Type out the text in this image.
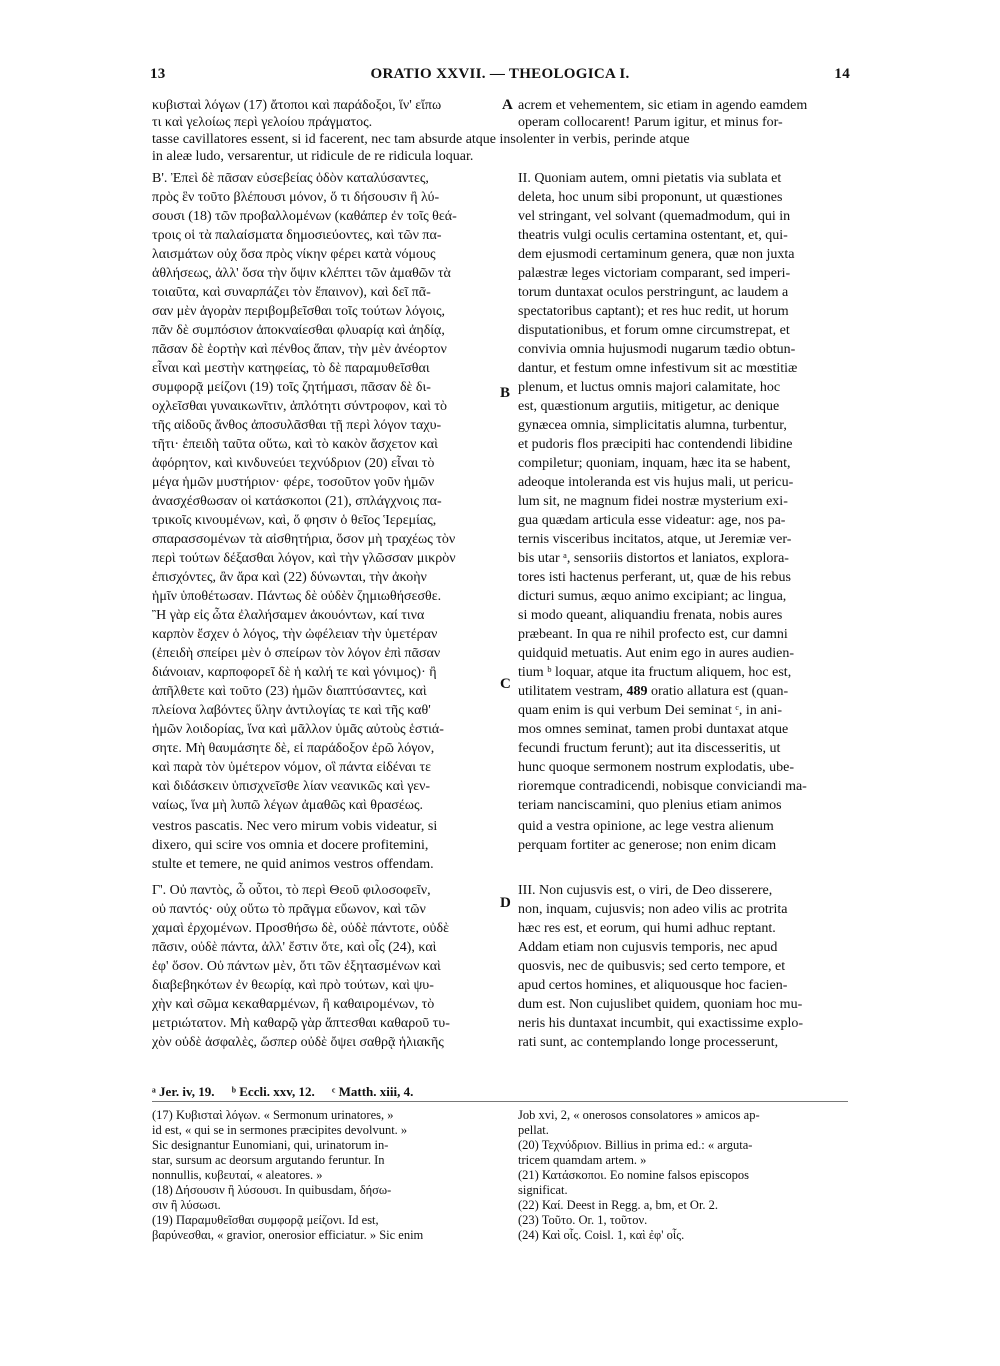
13	ORATIO XXVII. — THEOLOGICA I.	14
κυβισταὶ λόγων (17) ἄτοποι καὶ παράδοξοι, ἵν' εἴπω
τι καὶ γελοίως περὶ γελοίου πράγματος.
acrem et vehementem, sic etiam in agendo eamdem
operam collocarent! Parum igitur, et minus for-
tasse cavillatores essent, si id facerent, nec tam absurde atque insolenter in verbis, perinde atque
in aleæ ludo, versarentur, ut ridicule de re ridicula loquar.
A
B
C
D
Β'. Ἐπεὶ δὲ πᾶσαν εὐσεβείας ὁδὸν καταλύσαντες,
πρὸς ἓν τοῦτο βλέπουσι μόνον, ὅ τι δήσουσιν ἢ λύ-
σουσι (18) τῶν προβαλλομένων (καθάπερ ἐν τοῖς θεά-
τροις οἱ τὰ παλαίσματα δημοσιεύοντες, καὶ τῶν πα-
λαισμάτων οὐχ ὅσα πρὸς νίκην φέρει κατὰ νόμους
ἀθλήσεως, ἀλλ' ὅσα τὴν ὄψιν κλέπτει τῶν ἀμαθῶν τὰ
τοιαῦτα, καὶ συναρπάζει τὸν ἔπαινον), καὶ δεῖ πᾶ-
σαν μὲν ἀγορὰν περιβομβεῖσθαι τοῖς τούτων λόγοις,
πᾶν δὲ συμπόσιον ἀποκναίεσθαι φλυαρίᾳ καὶ ἀηδίᾳ,
πᾶσαν δὲ ἑορτὴν καὶ πένθος ἅπαν, τὴν μὲν ἀνέορτον
εἶναι καὶ μεστὴν κατηφείας, τὸ δὲ παραμυθεῖσθαι
συμφορᾷ μείζονι (19) τοῖς ζητήμασι, πᾶσαν δὲ δι-
οχλεῖσθαι γυναικωνῖτιν, ἁπλότητι σύντροφον, καὶ τὸ
τῆς αἰδοῦς ἄνθος ἀποσυλᾶσθαι τῇ περὶ λόγον ταχυ-
τῆτι· ἐπειδὴ ταῦτα οὕτω, καὶ τὸ κακὸν ἄσχετον καὶ
ἀφόρητον, καὶ κινδυνεύει τεχνύδριον (20) εἶναι τὸ
μέγα ἡμῶν μυστήριον· φέρε, τοσοῦτον γοῦν ἡμῶν
ἀνασχέσθωσαν οἱ κατάσκοποι (21), σπλάγχνοις πα-
τρικοῖς κινουμένων, καὶ, ὅ φησιν ὁ θεῖος Ἱερεμίας,
σπαρασσομένων τὰ αἰσθητήρια, ὅσον μὴ τραχέως τὸν
περὶ τούτων δέξασθαι λόγον, καὶ τὴν γλῶσσαν μικρὸν
ἐπισχόντες, ἂν ἄρα καὶ (22) δύνωνται, τὴν ἀκοὴν
ἡμῖν ὑποθέτωσαν. Πάντως δὲ οὐδὲν ζημιωθήσεσθε.
Ἢ γὰρ εἰς ὦτα ἐλαλήσαμεν ἀκουόντων, καί τινα
καρπὸν ἔσχεν ὁ λόγος, τὴν ὠφέλειαν τὴν ὑμετέραν
(ἐπειδὴ σπείρει μὲν ὁ σπείρων τὸν λόγον ἐπὶ πᾶσαν
διάνοιαν, καρποφορεῖ δὲ ἡ καλή τε καὶ γόνιμος)· ἢ
ἀπῆλθετε καὶ τοῦτο (23) ἡμῶν διαπτύσαντες, καὶ
πλείονα λαβόντες ὕλην ἀντιλογίας τε καὶ τῆς καθ'
ἡμῶν λοιδορίας, ἵνα καὶ μᾶλλον ὑμᾶς αὐτοὺς ἑστιά-
σητε. Μὴ θαυμάσητε δὲ, εἰ παράδοξον ἐρῶ λόγον,
καὶ παρὰ τὸν ὑμέτερον νόμον, οἳ πάντα εἰδέναι τε
καὶ διδάσκειν ὑπισχνεῖσθε λίαν νεανικῶς καὶ γεν-
ναίως, ἵνα μὴ λυπῶ λέγων ἀμαθῶς καὶ θρασέως.
II. Quoniam autem, omni pietatis via sublata et
deleta, hoc unum sibi proponunt, ut quæstiones
vel stringant, vel solvant (quemadmodum, qui in
theatris vulgi oculis certamina ostentant, et, qui-
dem ejusmodi certaminum genera, quæ non juxta
palæstræ leges victoriam comparant, sed imperi-
torum duntaxat oculos perstringunt, ac laudem a
spectatoribus captant); et res huc redit, ut horum
disputationibus, et forum omne circumstrepat, et
convivia omnia hujusmodi nugarum tædio obtun-
dantur, et festum omne infestivum sit ac mœstitiæ
plenum, et luctus omnis majori calamitate, hoc
est, quæstionum argutiis, mitigetur, ac denique
gynæcea omnia, simplicitatis alumna, turbentur,
et pudoris flos præcipiti hac contendendi libidine
compiletur; quoniam, inquam, hæc ita se habent,
adeoque intoleranda est vis hujus mali, ut pericu-
lum sit, ne magnum fidei nostræ mysterium exi-
gua quædam articula esse videatur: age, nos pa-
ternis visceribus incitatos, atque, ut Jeremiæ ver-
bis utar ᵃ, sensoriis distortos et laniatos, explora-
tores isti hactenus perferant, ut, quæ de his rebus
dicturi sumus, æquo animo excipiant; ac lingua,
si modo queant, aliquandiu frenata, nobis aures
præbeant. In qua re nihil profecto est, cur damni
quidquid metuatis. Aut enim ego in aures audien-
tium ᵇ loquar, atque ita fructum aliquem, hoc est,
utilitatem vestram, 489 oratio allatura est (quan-
quam enim is qui verbum Dei seminat ᶜ, in ani-
mos omnes seminat, tamen probi duntaxat atque
fecundi fructum ferunt); aut ita discesseritis, ut
hunc quoque sermonem nostrum explodatis, ube-
rioremque contradicendi, nobisque conviciandi ma-
teriam nanciscamini, quo plenius etiam animos
vestros pascatis. Nec vero mirum vobis videatur, si
dixero, qui scire vos omnia et docere profitemini,
quid a vestra opinione, ac lege vestra alienum
perquam fortiter ac generose; non enim dicam
stulte et temere, ne quid animos vestros offendam.
Γ'. Οὐ παντὸς, ὦ οὗτοι, τὸ περὶ Θεοῦ φιλοσοφεῖν,
οὐ παντός· οὐχ οὕτω τὸ πρᾶγμα εὔωνον, καὶ τῶν
χαμαὶ ἐρχομένων. Προσθήσω δὲ, οὐδὲ πάντοτε, οὐδὲ
πᾶσιν, οὐδὲ πάντα, ἀλλ' ἔστιν ὅτε, καὶ οἷς (24), καὶ
ἐφ' ὅσον. Οὐ πάντων μὲν, ὅτι τῶν ἐξητασμένων καὶ
διαβεβηκότων ἐν θεωρίᾳ, καὶ πρὸ τούτων, καὶ ψυ-
χὴν καὶ σῶμα κεκαθαρμένων, ἢ καθαιρομένων, τὸ
μετριώτατον. Μὴ καθαρῷ γὰρ ἅπτεσθαι καθαροῦ τυ-
χὸν οὐδὲ ἀσφαλὲς, ὥσπερ οὐδὲ ὄψει σαθρᾷ ἡλιακῆς
III. Non cujusvis est, o viri, de Deo disserere,
non, inquam, cujusvis; non adeo vilis ac protrita
hæc res est, et eorum, qui humi adhuc reptant.
Addam etiam non cujusvis temporis, nec apud
quosvis, nec de quibusvis; sed certo tempore, et
apud certos homines, et aliquousque hoc facien-
dum est. Non cujuslibet quidem, quoniam hoc mu-
neris his duntaxat incumbit, qui exactissime explo-
rati sunt, ac contemplando longe processerunt,
ᵃ Jer. iv, 19. ᵇ Eccli. xxv, 12. ᶜ Matth. xiii, 4.
(17) Κυβισταὶ λόγων. « Sermonum urinatores, »
id est, « qui se in sermones præcipites devolvunt. »
Sic designantur Eunomiani, qui, urinatorum in-
star, sursum ac deorsum argutando feruntur. In
nonnullis, κυβευταί, « aleatores. »
(18) Δήσουσιν ἢ λύσουσι. In quibusdam, δήσω-
σιν ἢ λύσωσι.
(19) Παραμυθεῖσθαι συμφορᾷ μείζονι. Id est,
βαρύνεσθαι, « gravior, onerosior efficiatur. » Sic enim
Job xvi, 2, « onerosos consolatores » amicos ap-
pellat.
(20) Τεχνύδριον. Billius in prima ed.: « arguta-
tricem quamdam artem. »
(21) Κατάσκοποι. Eo nomine falsos episcopos
significat.
(22) Καί. Deest in Regg. a, bm, et Or. 2.
(23) Τοῦτο. Or. 1, τοῦτον.
(24) Καὶ οἷς. Coisl. 1, καὶ ἐφ' οἷς.
